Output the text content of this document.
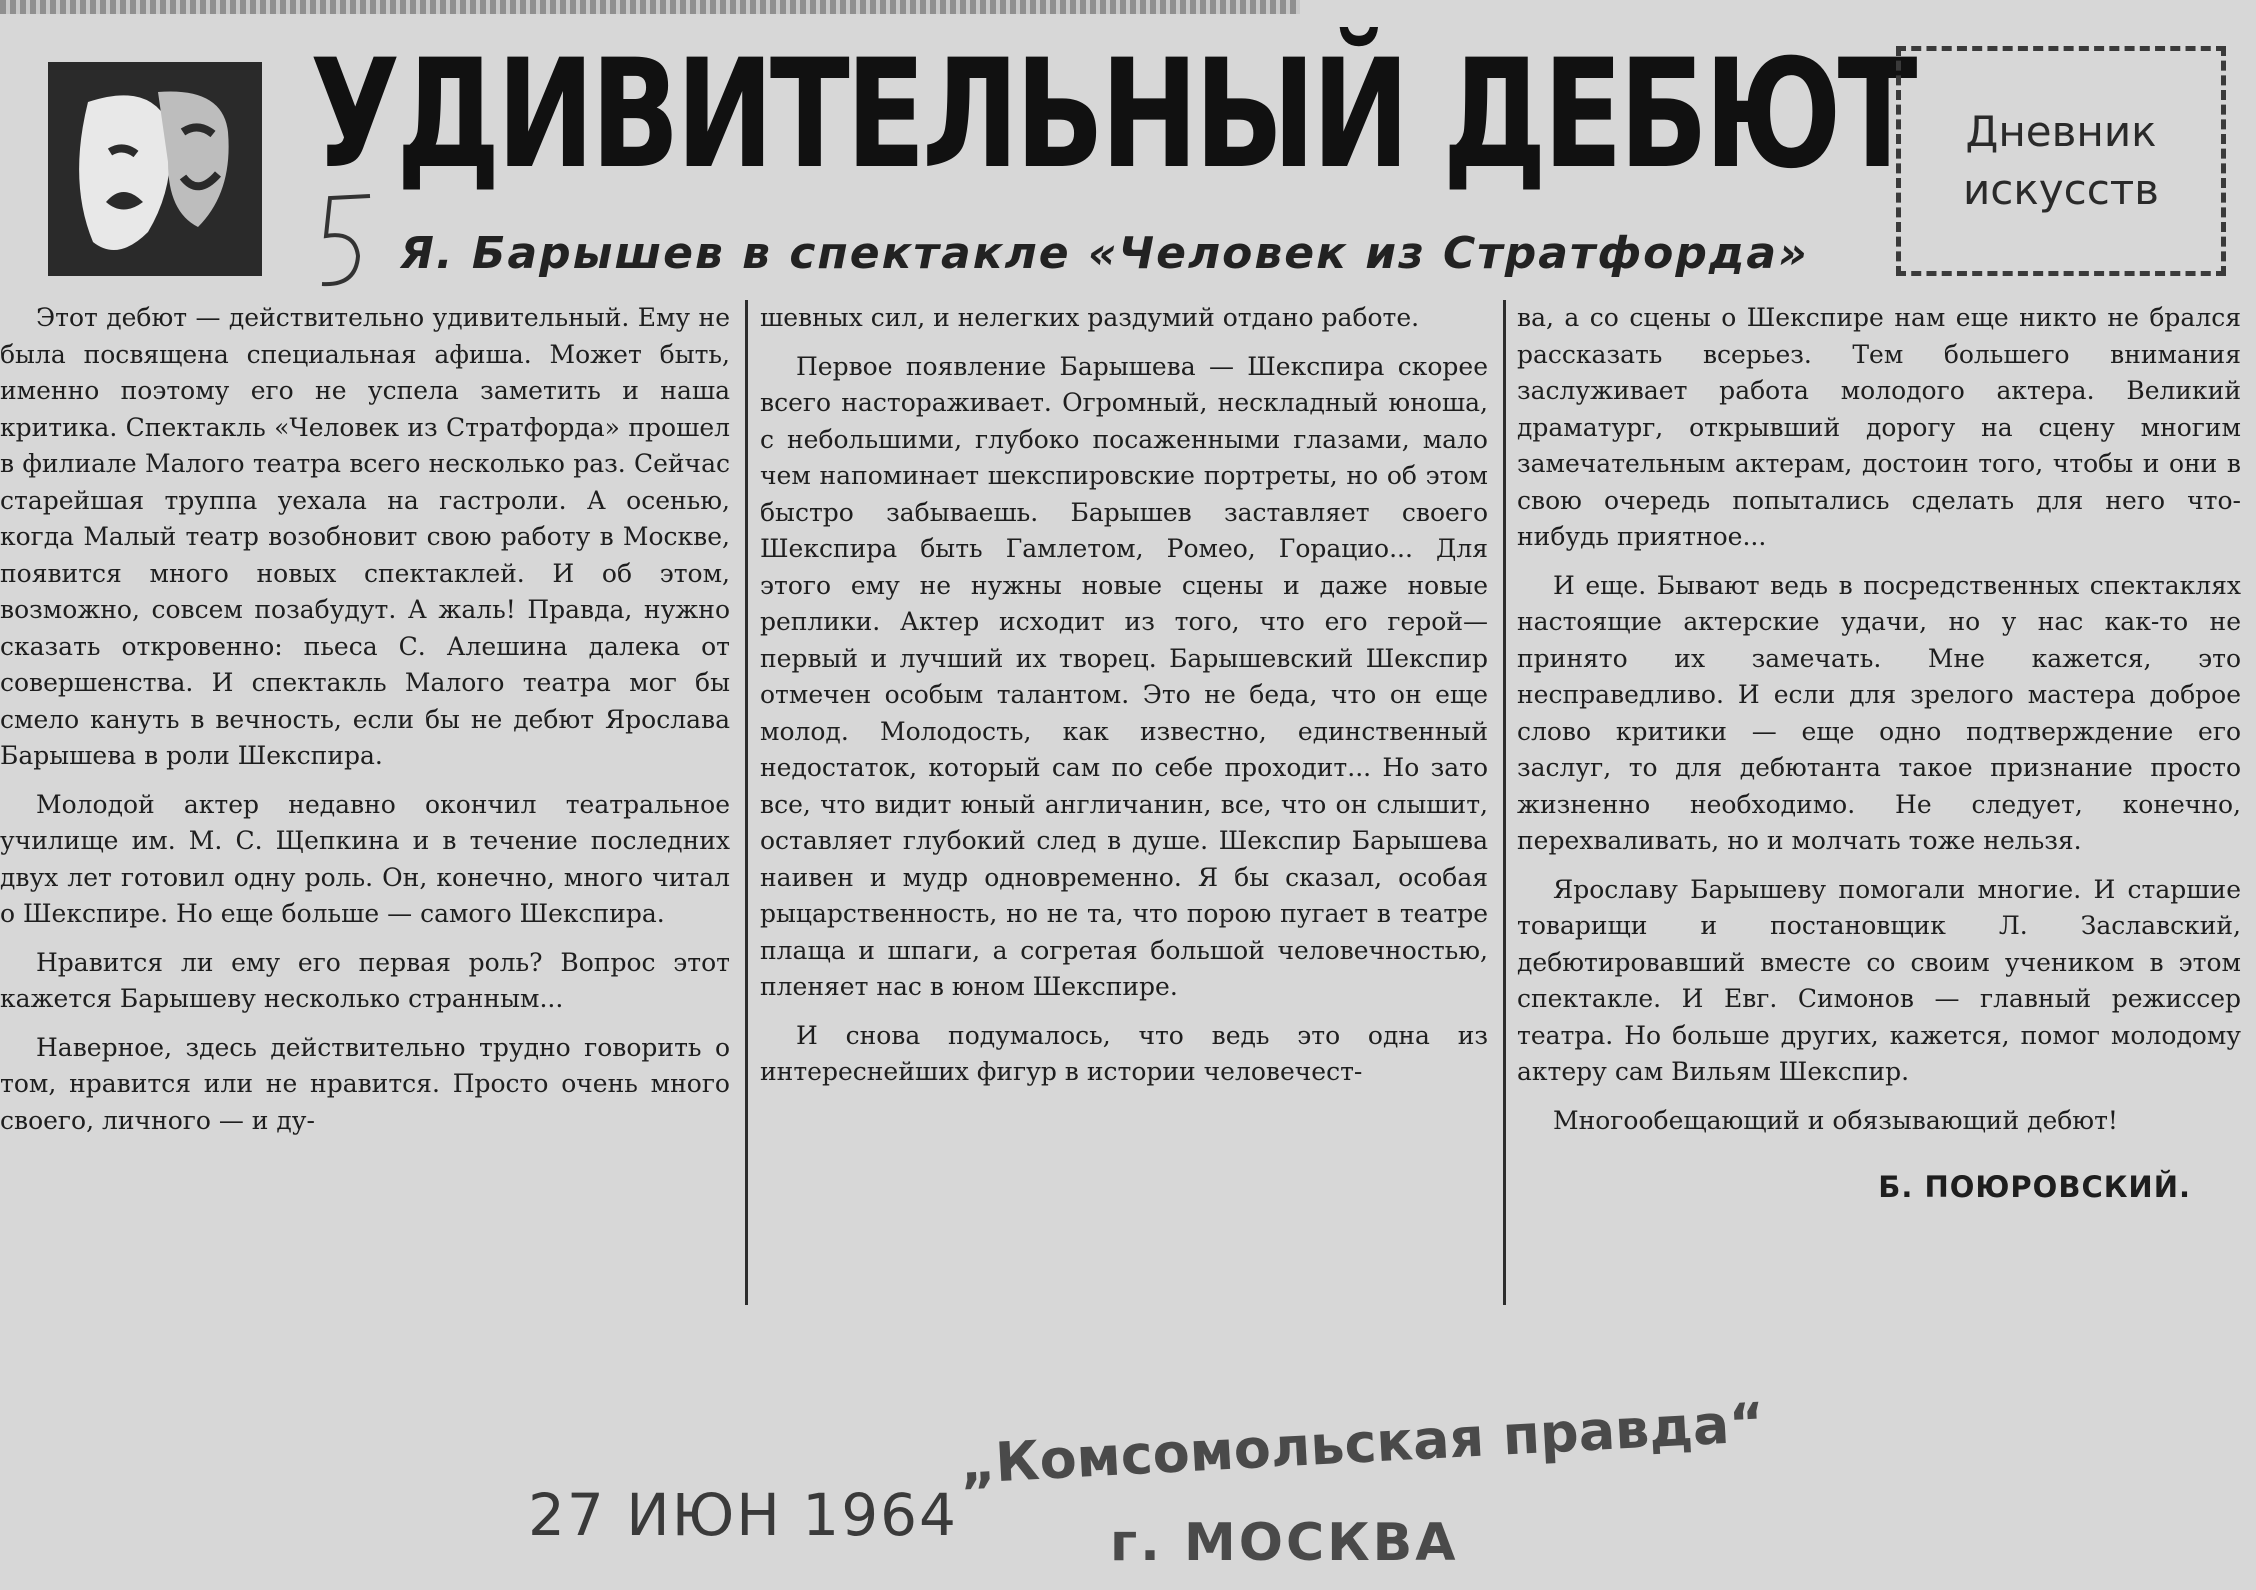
УДИВИТЕЛЬНЫЙ ДЕБЮТ
Я. Барышев в спектакле «Человек из Стратфорда»
Дневник
искусств

Этот дебют — действительно удивительный. Ему не была посвящена специальная афиша. Может быть, именно поэтому его не успела заметить и наша критика. Спектакль «Человек из Стратфорда» прошел в филиале Малого театра всего несколько раз. Сейчас старейшая труппа уехала на гастроли. А осенью, когда Малый театр возобновит свою работу в Москве, появится много новых спектаклей. И об этом, возможно, совсем позабудут. А жаль! Правда, нужно сказать откровенно: пьеса С. Алешина далека от совершенства. И спектакль Малого театра мог бы смело кануть в вечность, если бы не дебют Ярослава Барышева в роли Шекспира.

Молодой актер недавно окончил театральное училище им. М. С. Щепкина и в течение последних двух лет готовил одну роль. Он, конечно, много читал о Шекспире. Но еще больше — самого Шекспира.

Нравится ли ему его первая роль? Вопрос этот кажется Барышеву несколько странным...

Наверное, здесь действительно трудно говорить о том, нравится или не нравится. Просто очень много своего, личного — и ду-

шевных сил, и нелегких раздумий отдано работе.

Первое появление Барышева — Шекспира скорее всего настораживает. Огромный, нескладный юноша, с небольшими, глубоко посаженными глазами, мало чем напоминает шекспировские портреты, но об этом быстро забываешь. Барышев заставляет своего Шекспира быть Гамлетом, Ромео, Горацио... Для этого ему не нужны новые сцены и даже новые реплики. Актер исходит из того, что его герой—первый и лучший их творец. Барышевский Шекспир отмечен особым талантом. Это не беда, что он еще молод. Молодость, как известно, единственный недостаток, который сам по себе проходит... Но зато все, что видит юный англичанин, все, что он слышит, оставляет глубокий след в душе. Шекспир Барышева наивен и мудр одновременно. Я бы сказал, особая рыцарственность, но не та, что порою пугает в театре плаща и шпаги, а согретая большой человечностью, пленяет нас в юном Шекспире.

И снова подумалось, что ведь это одна из интереснейших фигур в истории человечест-

ва, а со сцены о Шекспире нам еще никто не брался рассказать всерьез. Тем большего внимания заслуживает работа молодого актера. Великий драматург, открывший дорогу на сцену многим замечательным актерам, достоин того, чтобы и они в свою очередь попытались сделать для него что-нибудь приятное...

И еще. Бывают ведь в посредственных спектаклях настоящие актерские удачи, но у нас как-то не принято их замечать. Мне кажется, это несправедливо. И если для зрелого мастера доброе слово критики — еще одно подтверждение его заслуг, то для дебютанта такое признание просто жизненно необходимо. Не следует, конечно, перехваливать, но и молчать тоже нельзя.

Ярославу Барышеву помогали многие. И старшие товарищи и постановщик Л. Заславский, дебютировавший вместе со своим учеником в этом спектакле. И Евг. Симонов — главный режиссер театра. Но больше других, кажется, помог молодому актеру сам Вильям Шекспир.

Многообещающий и обязывающий дебют!

Б. ПОЮРОВСКИЙ.
27 ИЮН 1964
„Комсомольская правда“
г. МОСКВА
